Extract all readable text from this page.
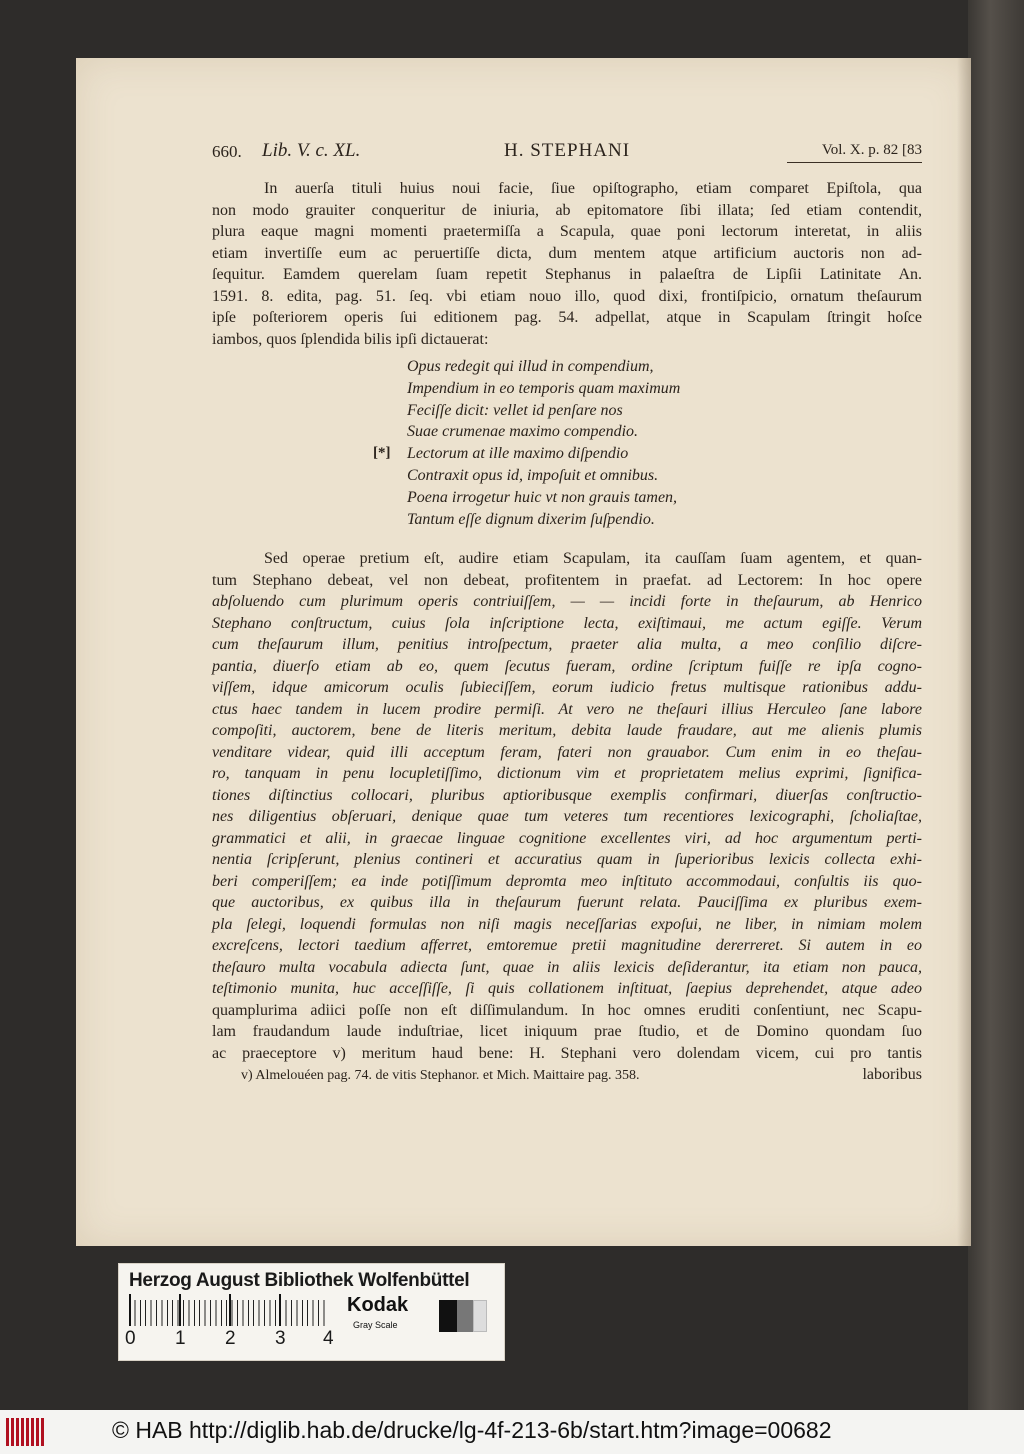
660. Lib. V. c. XL.	H. STEPHANI	Vol. X. p. 82 [83
In auerſa tituli huius noui facie, ſiue opiſtographo, etiam comparet Epiſtola, qua
non modo grauiter conqueritur de iniuria, ab epitomatore ſibi illata; ſed etiam contendit,
plura eaque magni momenti praetermiſſa a Scapula, quae poni lectorum interetat, in aliis
etiam invertiſſe eum ac peruertiſſe dicta, dum mentem atque artificium auctoris non ad-
ſequitur. Eamdem querelam ſuam repetit Stephanus in palaeſtra de Lipſii Latinitate An.
1591. 8. edita, pag. 51. ſeq. vbi etiam nouo illo, quod dixi, frontiſpicio, ornatum theſaurum
ipſe poſteriorem operis ſui editionem pag. 54. adpellat, atque in Scapulam ſtringit hoſce
iambos, quos ſplendida bilis ipſi dictauerat:
Opus redegit qui illud in compendium,
Impendium in eo temporis quam maximum
Feciſſe dicit: vellet id penſare nos
Suae crumenae maximo compendio.
[*] Lectorum at ille maximo diſpendio
Contraxit opus id, impoſuit et omnibus.
Poena irrogetur huic vt non grauis tamen,
Tantum eſſe dignum dixerim ſuſpendio.
Sed operae pretium eſt, audire etiam Scapulam, ita cauſſam ſuam agentem, et quan-
tum Stephano debeat, vel non debeat, profitentem in praefat. ad Lectorem: In hoc opere
abſoluendo cum plurimum operis contriuiſſem, — — incidi forte in theſaurum, ab Henrico
Stephano conſtructum, cuius ſola inſcriptione lecta, exiſtimaui, me actum egiſſe. Verum
cum theſaurum illum, penitius introſpectum, praeter alia multa, a meo conſilio diſcre-
pantia, diuerſo etiam ab eo, quem ſecutus fueram, ordine ſcriptum fuiſſe re ipſa cogno-
viſſem, idque amicorum oculis ſubieciſſem, eorum iudicio fretus multisque rationibus addu-
ctus haec tandem in lucem prodire permiſi. At vero ne theſauri illius Herculeo ſane labore
compoſiti, auctorem, bene de literis meritum, debita laude fraudare, aut me alienis plumis
venditare videar, quid illi acceptum feram, fateri non grauabor. Cum enim in eo theſau-
ro, tanquam in penu locupletiſſimo, dictionum vim et proprietatem melius exprimi, ſignifica-
tiones diſtinctius collocari, pluribus aptioribusque exemplis confirmari, diuerſas conſtructio-
nes diligentius obſeruari, denique quae tum veteres tum recentiores lexicographi, ſcholiaſtae,
grammatici et alii, in graecae linguae cognitione excellentes viri, ad hoc argumentum perti-
nentia ſcripſerunt, plenius contineri et accuratius quam in ſuperioribus lexicis collecta exhi-
beri comperiſſem; ea inde potiſſimum depromta meo inſtituto accommodaui, conſultis iis quo-
que auctoribus, ex quibus illa in theſaurum fuerunt relata. Pauciſſima ex pluribus exem-
pla ſelegi, loquendi formulas non niſi magis neceſſarias expoſui, ne liber, in nimiam molem
excreſcens, lectori taedium afferret, emtoremue pretii magnitudine dererreret. Si autem in eo
theſauro multa vocabula adiecta ſunt, quae in aliis lexicis deſiderantur, ita etiam non pauca,
teſtimonio munita, huc acceſſiſſe, ſi quis collationem inſtituat, ſaepius deprehendet, atque adeo
quamplurima adiici poſſe non eſt diſſimulandum. In hoc omnes eruditi conſentiunt, nec Scapu-
lam fraudandum laude induſtriae, licet iniquum prae ſtudio, et de Domino quondam ſuo
ac praeceptore v) meritum haud bene: H. Stephani vero dolendam vicem, cui pro tantis
laboribus
v) Almelouéen pag. 74. de vitis Stephanor. et Mich. Maittaire pag. 358.
Herzog August Bibliothek Wolfenbüttel
0 1 2 3 4
Kodak
Gray Scale
© HAB http://diglib.hab.de/drucke/lg-4f-213-6b/start.htm?image=00682
